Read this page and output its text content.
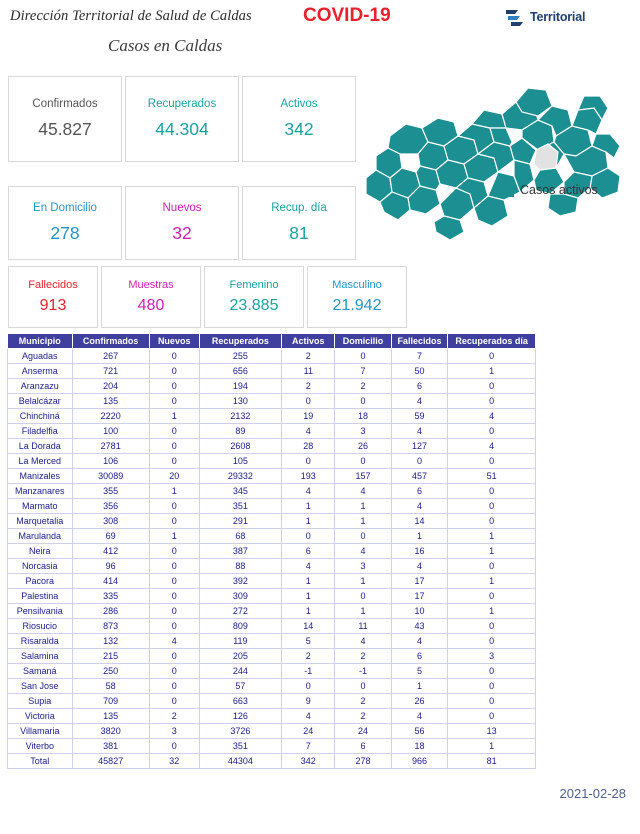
Dirección Territorial de Salud de Caldas	COVID-19
Casos en Caldas
Territorial
Confirmados
45.827
Recuperados
44.304
Activos
342
En Domicilio
278
Nuevos
32
Recup. día
81
Fallecidos
913
Muestras
480
Femenino
23.885
Masculino
21.942
Casos activos
Municipio	Confirmados	Nuevos	Recuperados	Activos	Domicilio	Fallecidos	Recuperados día
Aguadas	267	0	255	2	0	7	0
Anserma	721	0	656	11	7	50	1
Aranzazu	204	0	194	2	2	6	0
Belalcázar	135	0	130	0	0	4	0
Chinchiná	2220	1	2132	19	18	59	4
Filadelfia	100	0	89	4	3	4	0
La Dorada	2781	0	2608	28	26	127	4
La Merced	106	0	105	0	0	0	0
Manizales	30089	20	29332	193	157	457	51
Manzanares	355	1	345	4	4	6	0
Marmato	356	0	351	1	1	4	0
Marquetalia	308	0	291	1	1	14	0
Marulanda	69	1	68	0	0	1	1
Neira	412	0	387	6	4	16	1
Norcasia	96	0	88	4	3	4	0
Pacora	414	0	392	1	1	17	1
Palestina	335	0	309	1	0	17	0
Pensilvania	286	0	272	1	1	10	1
Riosucio	873	0	809	14	11	43	0
Risaralda	132	4	119	5	4	4	0
Salamina	215	0	205	2	2	6	3
Samaná	250	0	244	-1	-1	5	0
San Jose	58	0	57	0	0	1	0
Supia	709	0	663	9	2	26	0
Victoria	135	2	126	4	2	4	0
Villamaria	3820	3	3726	24	24	56	13
Viterbo	381	0	351	7	6	18	1
Total	45827	32	44304	342	278	966	81
2021-02-28
